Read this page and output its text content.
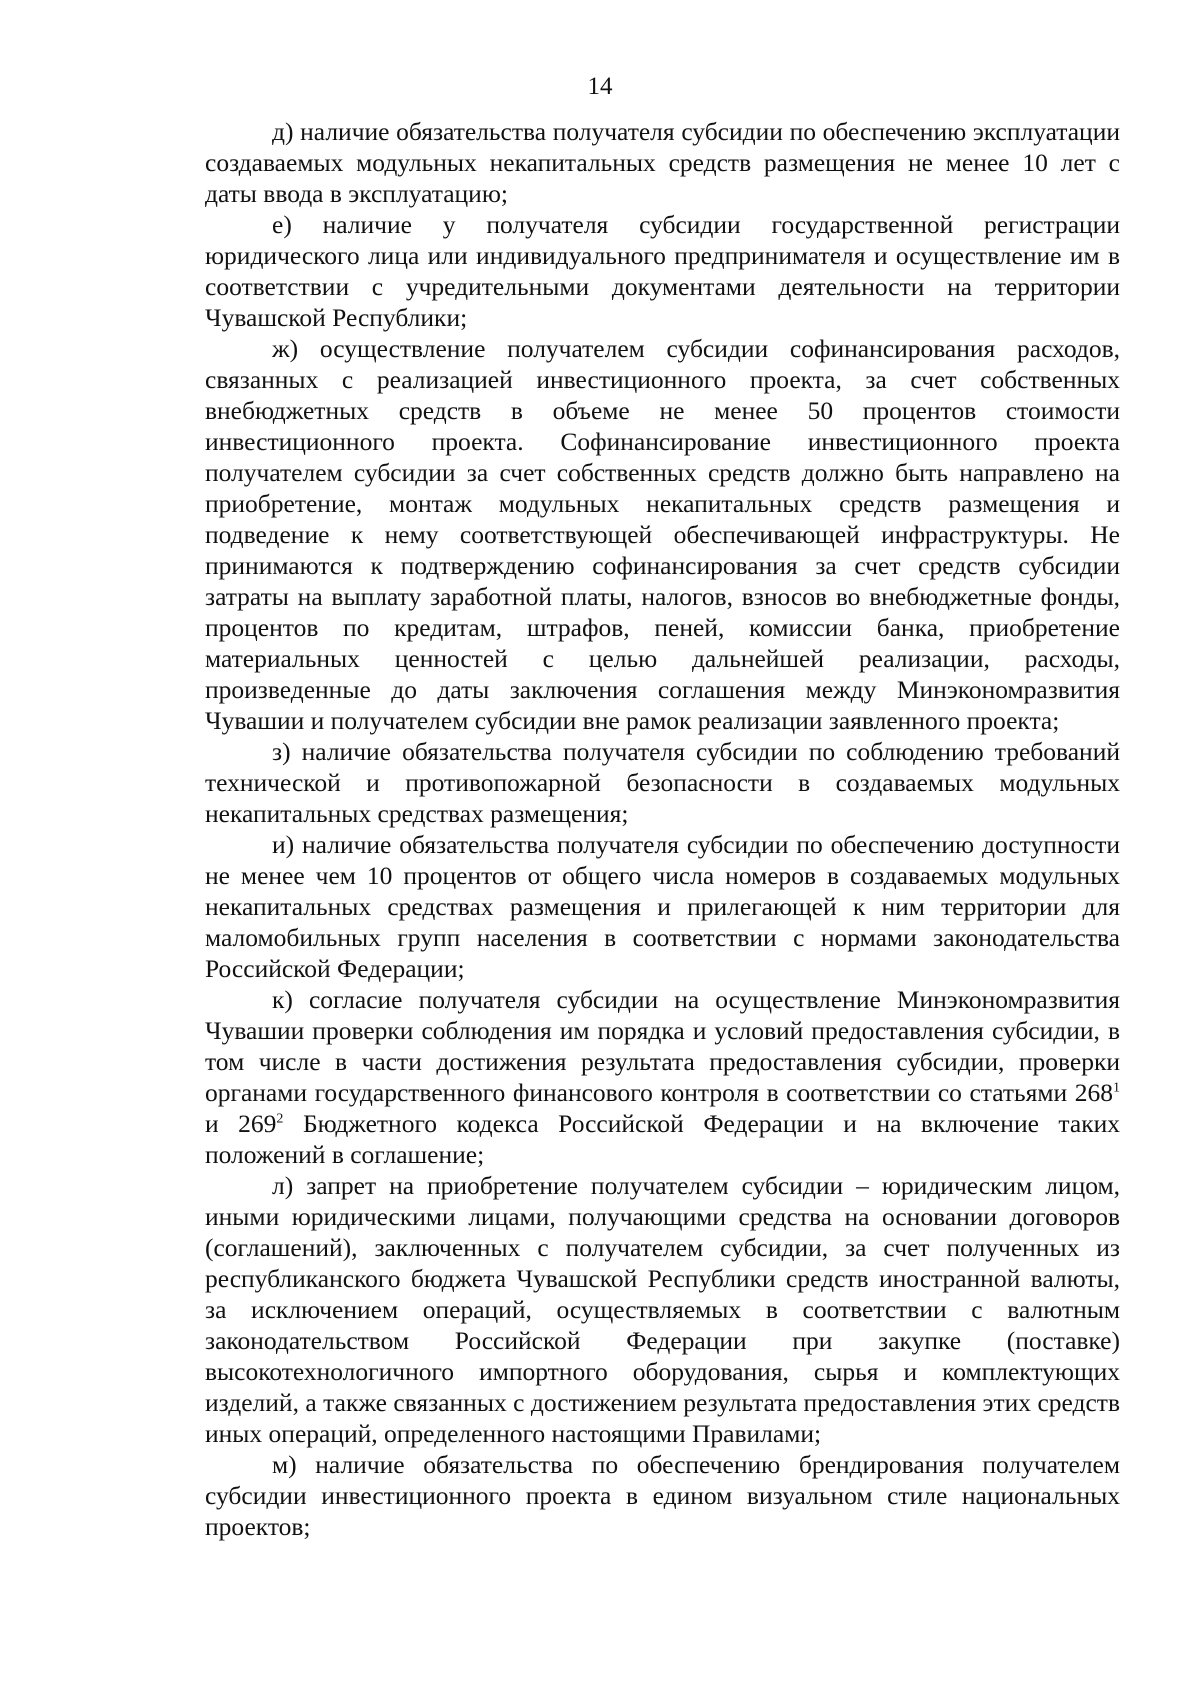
14

д) наличие обязательства получателя субсидии по обеспечению эксплуатации создаваемых модульных некапитальных средств размещения не менее 10 лет с даты ввода в эксплуатацию;

е) наличие у получателя субсидии государственной регистрации юридического лица или индивидуального предпринимателя и осуществление им в соответствии с учредительными документами деятельности на территории Чувашской Республики;

ж) осуществление получателем субсидии софинансирования расходов, связанных с реализацией инвестиционного проекта, за счет собственных внебюджетных средств в объеме не менее 50 процентов стоимости инвестиционного проекта. Софинансирование инвестиционного проекта получателем субсидии за счет собственных средств должно быть направлено на приобретение, монтаж модульных некапитальных средств размещения и подведение к нему соответствующей обеспечивающей инфраструктуры. Не принимаются к подтверждению софинансирования за счет средств субсидии затраты на выплату заработной платы, налогов, взносов во внебюджетные фонды, процентов по кредитам, штрафов, пеней, комиссии банка, приобретение материальных ценностей с целью дальнейшей реализации, расходы, произведенные до даты заключения соглашения между Минэкономразвития Чувашии и получателем субсидии вне рамок реализации заявленного проекта;

з) наличие обязательства получателя субсидии по соблюдению требований технической и противопожарной безопасности в создаваемых модульных некапитальных средствах размещения;

и) наличие обязательства получателя субсидии по обеспечению доступности не менее чем 10 процентов от общего числа номеров в создаваемых модульных некапитальных средствах размещения и прилегающей к ним территории для маломобильных групп населения в соответствии с нормами законодательства Российской Федерации;

к) согласие получателя субсидии на осуществление Минэкономразвития Чувашии проверки соблюдения им порядка и условий предоставления субсидии, в том числе в части достижения результата предоставления субсидии, проверки органами государственного финансового контроля в соответствии со статьями $268^1$ и $269^2$ Бюджетного кодекса Российской Федерации и на включение таких положений в соглашение;

л) запрет на приобретение получателем субсидии – юридическим лицом, иными юридическими лицами, получающими средства на основании договоров (соглашений), заключенных с получателем субсидии, за счет полученных из республиканского бюджета Чувашской Республики средств иностранной валюты, за исключением операций, осуществляемых в соответствии с валютным законодательством Российской Федерации при закупке (поставке) высокотехнологичного импортного оборудования, сырья и комплектующих изделий, а также связанных с достижением результата предоставления этих средств иных операций, определенного настоящими Правилами;

м) наличие обязательства по обеспечению брендирования получателем субсидии инвестиционного проекта в едином визуальном стиле национальных проектов;
